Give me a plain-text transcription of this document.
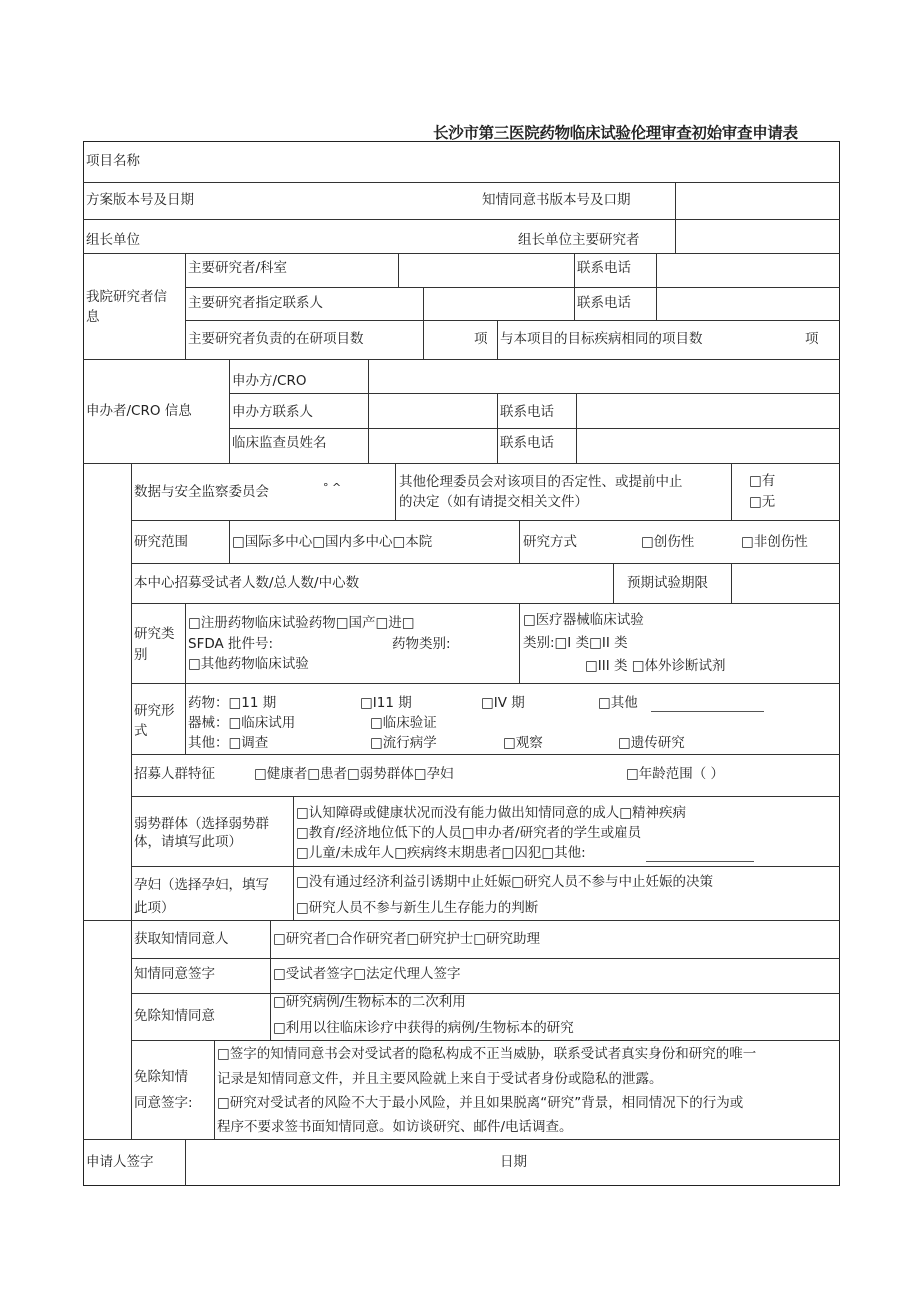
长沙市第三医院药物临床试验伦理审查初始审查申请表
项目名称
方案版本号及日期	知情同意书版本号及口期
组长单位	组长单位主要研究者
我院研究者信
息
主要研究者/科室	联系电话
主要研究者指定联系人	联系电话
主要研究者负责的在研项目数	项 与本项目的目标疾病相同的项目数	项
申办者/CRO 信息
申办方/CRO
申办方联系人	联系电话
临床监查员姓名	联系电话
数据与安全监察委员会	° ^	其他伦理委员会对该项目的否定性、或提前中止
的决定（如有请提交相关文件）
□有
□无
研究范围	□国际多中心□国内多中心□本院	研究方式	□创伤性	□非创伤性
本中心招募受试者人数/总人数/中心数	预期试验期限
研究类
别
□注册药物临床试验药物□国产□进□
SFDA 批件号:	药物类别:
□其他药物临床试验
□医疗器械临床试验
类别:□I 类□II 类
□III 类 □体外诊断试剂
研究形
式
药物：□11 期	□I11 期	□IV 期	□其他
器械：□临床试用	□临床验证
其他：□调查	□流行病学	□观察	□遗传研究
招募人群特征	□健康者□患者□弱势群体□孕妇	□年龄范围（ ）
弱势群体（选择弱势群
体，请填写此项）
□认知障碍或健康状况而没有能力做出知情同意的成人□精神疾病
□教育/经济地位低下的人员□申办者/研究者的学生或雇员
□儿童/未成年人□疾病终末期患者□囚犯□其他:
孕妇（选择孕妇，填写
此项）
□没有通过经济利益引诱期中止妊娠□研究人员不参与中止妊娠的决策
□研究人员不参与新生儿生存能力的判断
获取知情同意人	□研究者□合作研究者□研究护士□研究助理
知情同意签字	□受试者签字□法定代理人签字
免除知情同意
□研究病例/生物标本的二次利用
□利用以往临床诊疗中获得的病例/生物标本的研究
免除知情
同意签字:
□签字的知情同意书会对受试者的隐私构成不正当威胁，联系受试者真实身份和研究的唯一
记录是知情同意文件，并且主要风险就上来自于受试者身份或隐私的泄露。
□研究对受试者的风险不大于最小风险，并且如果脱离“研究”背景，相同情况下的行为或
程序不要求签书面知情同意。如访谈研究、邮件/电话调查。
申请人签字	日期
